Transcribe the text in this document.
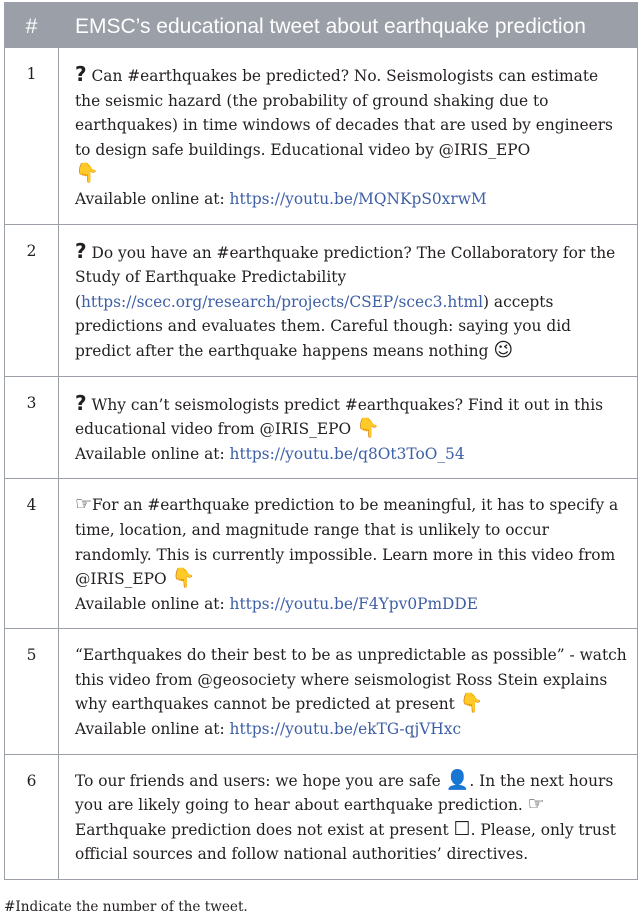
#	EMSC’s educational tweet about earthquake prediction
1	? Can #earthquakes be predicted? No. Seismologists can estimate the seismic hazard (the probability of ground shaking due to earthquakes) in time windows of decades that are used by engineers to design safe buildings. Educational video by @IRIS_EPO
👇
Available online at: https://youtu.be/MQNKpS0xrwM
2	? Do you have an #earthquake prediction? The Collaboratory for the Study of Earthquake Predictability (https://scec.org/research/projects/CSEP/scec3.html) accepts predictions and evaluates them. Careful though: saying you did predict after the earthquake happens means nothing 😉
3	? Why can’t seismologists predict #earthquakes? Find it out in this educational video from @IRIS_EPO 👇
Available online at: https://youtu.be/q8Ot3ToO_54
4	☞For an #earthquake prediction to be meaningful, it has to specify a time, location, and magnitude range that is unlikely to occur randomly. This is currently impossible. Learn more in this video from @IRIS_EPO 👇
Available online at: https://youtu.be/F4Ypv0PmDDE
5	“Earthquakes do their best to be as unpredictable as possible” - watch this video from @geosociety where seismologist Ross Stein explains why earthquakes cannot be predicted at present 👇
Available online at: https://youtu.be/ekTG-qjVHxc
6	To our friends and users: we hope you are safe 👤. In the next hours you are likely going to hear about earthquake prediction. ☞ Earthquake prediction does not exist at present ☐. Please, only trust official sources and follow national authorities’ directives.
#Indicate the number of the tweet.
